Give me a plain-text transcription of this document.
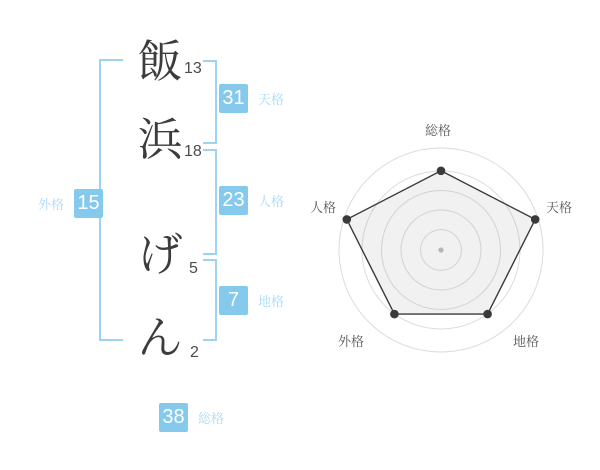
飯 13
浜 18
げ 5
ん 2
31 天格
23 人格
7	地格
外格 15
38 総格
総格
天格
地格
外格
人格
